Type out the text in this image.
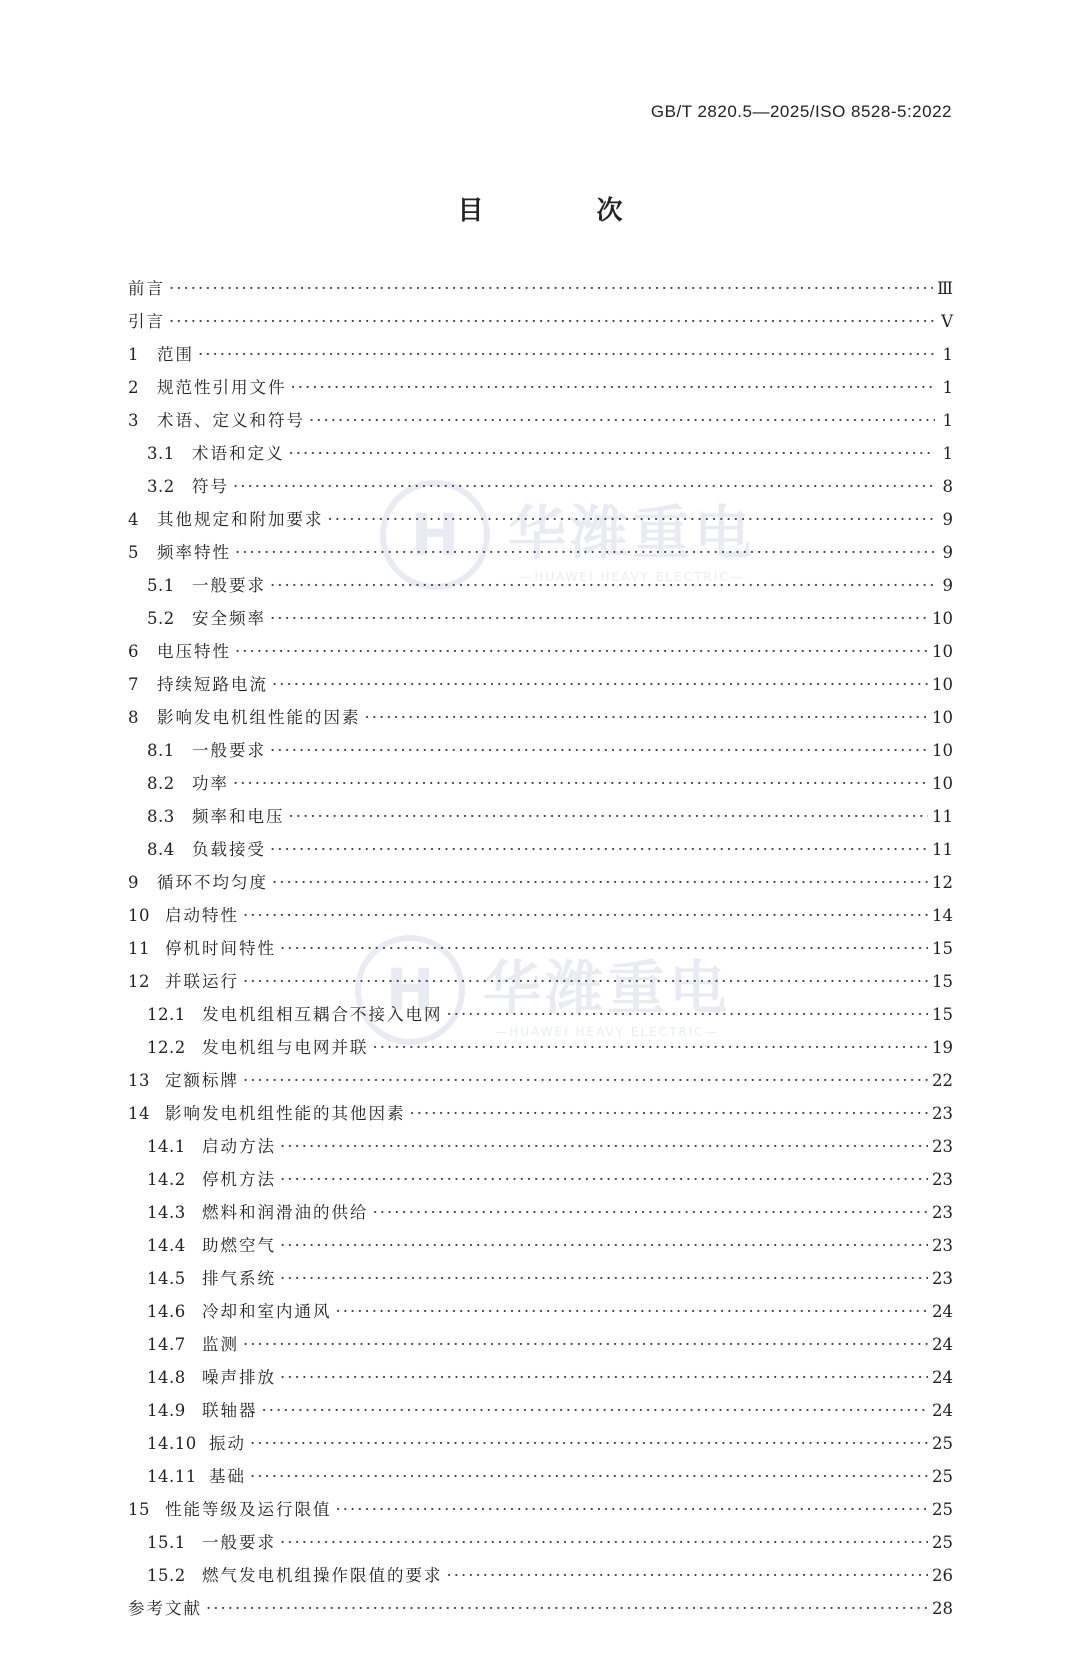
GB/T 2820.5—2025/ISO 8528-5:2022
目 次
H 华潍重电
—HUAWEI HEAVY ELECTRIC—
H 华潍重电
—HUAWEI HEAVY ELECTRIC—
前言 ·····	Ⅲ
引言 ·····	Ⅴ
1	范围 ·····	1
2	规范性引用文件 ·····	1
3	术语、定义和符号 ·····	1
3.1	术语和定义 ·····	1
3.2	符号 ·····	8
4	其他规定和附加要求 ·····	9
5	频率特性 ·····	9
5.1	一般要求 ·····	9
5.2	安全频率 ·····	10
6	电压特性 ·····	10
7	持续短路电流 ·····	10
8	影响发电机组性能的因素 ·····	10
8.1	一般要求 ·····	10
8.2	功率 ·····	10
8.3	频率和电压 ·····	11
8.4	负载接受 ·····	11
9	循环不均匀度 ·····	12
10 启动特性 ·····	14
11 停机时间特性 ·····	15
12 并联运行 ·····	15
12.1 发电机组相互耦合不接入电网 ·····	15
12.2 发电机组与电网并联 ·····	19
13 定额标牌 ·····	22
14 影响发电机组性能的其他因素 ·····	23
14.1 启动方法 ·····	23
14.2 停机方法 ·····	23
14.3 燃料和润滑油的供给 ·····	23
14.4 助燃空气 ·····	23
14.5 排气系统 ·····	23
14.6 冷却和室内通风 ·····	24
14.7 监测 ·····	24
14.8 噪声排放 ·····	24
14.9 联轴器 ·····	24
14.10 振动 ·····	25
14.11 基础 ·····	25
15 性能等级及运行限值 ·····	25
15.1 一般要求 ·····	25
15.2 燃气发电机组操作限值的要求 ·····	26
参考文献 ·····	28
